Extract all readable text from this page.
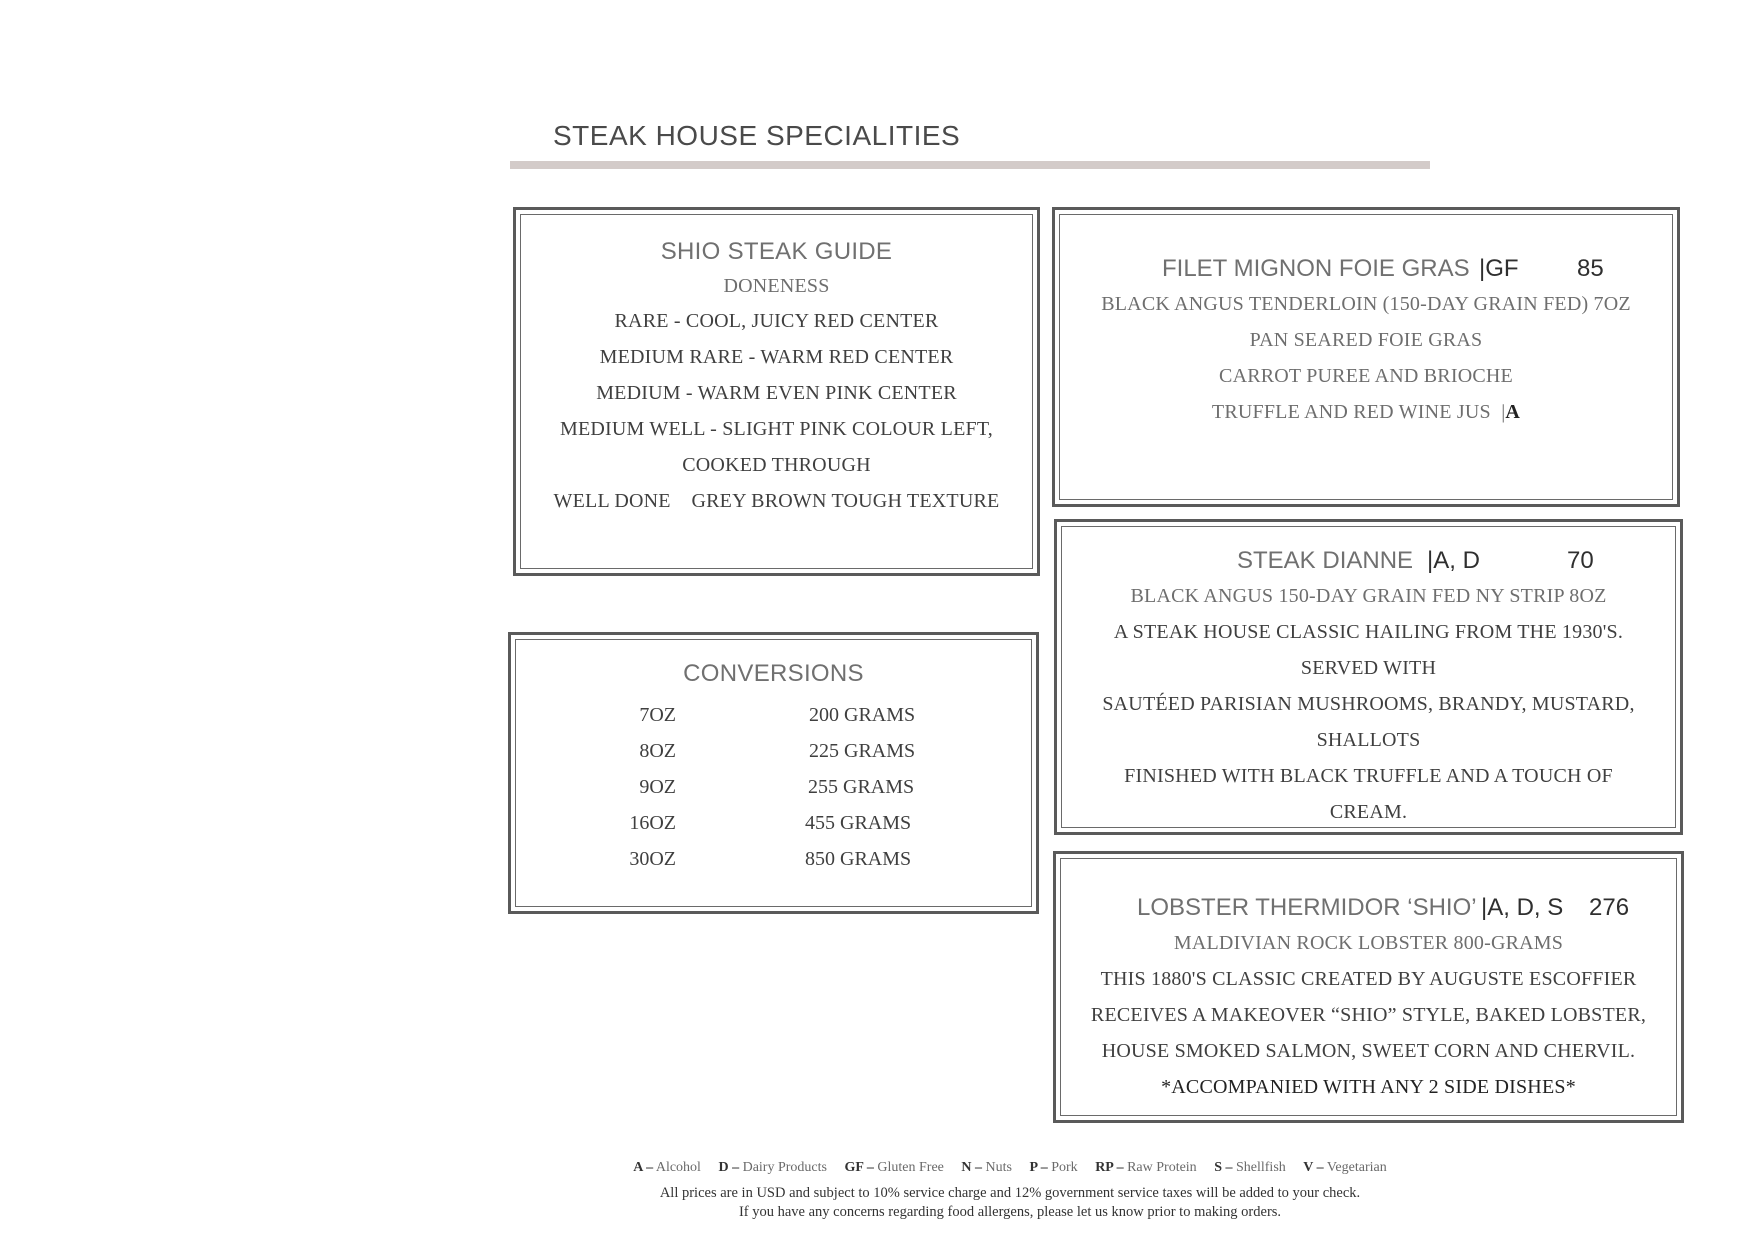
STEAK HOUSE SPECIALITIES
SHIO STEAK GUIDE
DONENESS
RARE - COOL, JUICY RED CENTER
MEDIUM RARE - WARM RED CENTER
MEDIUM - WARM EVEN PINK CENTER
MEDIUM WELL - SLIGHT PINK COLOUR LEFT,
COOKED THROUGH
WELL DONE    GREY BROWN TOUGH TEXTURE
CONVERSIONS
7OZ	200 GRAMS
8OZ	225 GRAMS
9OZ	255 GRAMS
16OZ	455 GRAMS
30OZ	850 GRAMS
FILET MIGNON FOIE GRAS |GF 85
BLACK ANGUS TENDERLOIN (150-DAY GRAIN FED) 7OZ
PAN SEARED FOIE GRAS
CARROT PUREE AND BRIOCHE
TRUFFLE AND RED WINE JUS  |A
STEAK DIANNE |A, D	70
BLACK ANGUS 150-DAY GRAIN FED NY STRIP 8OZ
A STEAK HOUSE CLASSIC HAILING FROM THE 1930'S.
SERVED WITH
SAUTÉED PARISIAN MUSHROOMS, BRANDY, MUSTARD,
SHALLOTS
FINISHED WITH BLACK TRUFFLE AND A TOUCH OF
CREAM.
LOBSTER THERMIDOR ‘SHIO’ |A, D, S 276
MALDIVIAN ROCK LOBSTER 800-GRAMS
THIS 1880'S CLASSIC CREATED BY AUGUSTE ESCOFFIER
RECEIVES A MAKEOVER “SHIO” STYLE, BAKED LOBSTER,
HOUSE SMOKED SALMON, SWEET CORN AND CHERVIL.
*ACCOMPANIED WITH ANY 2 SIDE DISHES*
A – Alcohol D – Dairy Products GF – Gluten Free N – Nuts P – Pork RP – Raw Protein S – Shellfish V – Vegetarian
All prices are in USD and subject to 10% service charge and 12% government service taxes will be added to your check.
If you have any concerns regarding food allergens, please let us know prior to making orders.
